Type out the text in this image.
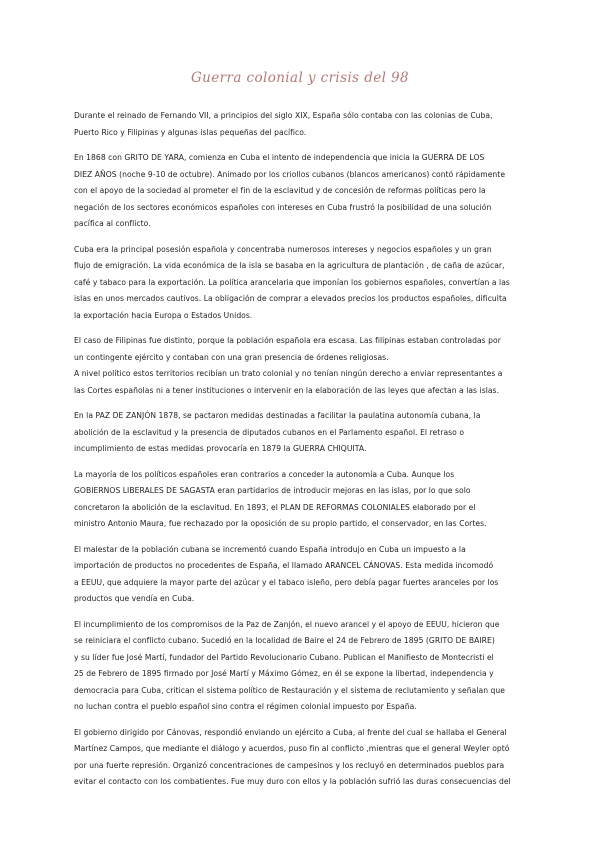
Guerra colonial y crisis del 98

Durante el reinado de Fernando VII, a principios del siglo XIX, España sólo contaba con las colonias de Cuba,
Puerto Rico y Filipinas y algunas islas pequeñas del pacífico.

En 1868 con GRITO DE YARA, comienza en Cuba el intento de independencia que inicia la GUERRA DE LOS
DIEZ AÑOS (noche 9-10 de octubre). Animado por los criollos cubanos (blancos americanos) contó rápidamente
con el apoyo de la sociedad al prometer el fin de la esclavitud y de concesión de reformas políticas pero la
negación de los sectores económicos españoles con intereses en Cuba frustró la posibilidad de una solución
pacífica al conflicto.

Cuba era la principal posesión española y concentraba numerosos intereses y negocios españoles y un gran
flujo de emigración. La vida económica de la isla se basaba en la agricultura de plantación , de caña de azúcar,
café y tabaco para la exportación. La política arancelaria que imponían los gobiernos españoles, convertían a las
islas en unos mercados cautivos. La obligación de comprar a elevados precios los productos españoles, dificulta
la exportación hacia Europa o Estados Unidos.

El caso de Filipinas fue distinto, porque la población española era escasa. Las filipinas estaban controladas por
un contingente ejército y contaban con una gran presencia de órdenes religiosas.
A nivel político estos territorios recibían un trato colonial y no tenían ningún derecho a enviar representantes a
las Cortes españolas ni a tener instituciones o intervenir en la elaboración de las leyes que afectan a las islas.

En la PAZ DE ZANJÓN 1878, se pactaron medidas destinadas a facilitar la paulatina autonomía cubana, la
abolición de la esclavitud y la presencia de diputados cubanos en el Parlamento español. El retraso o
incumplimiento de estas medidas provocaría en 1879 la GUERRA CHIQUITA.

La mayoría de los políticos españoles eran contrarios a conceder la autonomía a Cuba. Aunque los
GOBIERNOS LIBERALES DE SAGASTA eran partidarios de introducir mejoras en las islas, por lo que solo
concretaron la abolición de la esclavitud. En 1893, el PLAN DE REFORMAS COLONIALES elaborado por el
ministro Antonio Maura, fue rechazado por la oposición de su propio partido, el conservador, en las Cortes.

El malestar de la población cubana se incrementó cuando España introdujo en Cuba un impuesto a la
importación de productos no procedentes de España, el llamado ARANCEL CÁNOVAS. Esta medida incomodó
a EEUU, que adquiere la mayor parte del azúcar y el tabaco isleño, pero debía pagar fuertes aranceles por los
productos que vendía en Cuba.

El incumplimiento de los compromisos de la Paz de Zanjón, el nuevo arancel y el apoyo de EEUU, hicieron que
se reiniciara el conflicto cubano. Sucedió en la localidad de Baire el 24 de Febrero de 1895 (GRITO DE BAIRE)
y su líder fue José Martí, fundador del Partido Revolucionario Cubano. Publican el Manifiesto de Montecristi el
25 de Febrero de 1895 firmado por José Martí y Máximo Gómez, en él se expone la libertad, independencia y
democracia para Cuba, critican el sistema político de Restauración y el sistema de reclutamiento y señalan que
no luchan contra el pueblo español sino contra el régimen colonial impuesto por España.

El gobierno dirigido por Cánovas, respondió enviando un ejército a Cuba, al frente del cual se hallaba el General
Martínez Campos, que mediante el diálogo y acuerdos, puso fin al conflicto ,mientras que el general Weyler optó
por una fuerte represión. Organizó concentraciones de campesinos y los recluyó en determinados pueblos para
evitar el contacto con los combatientes. Fue muy duro con ellos y la población sufrió las duras consecuencias del
